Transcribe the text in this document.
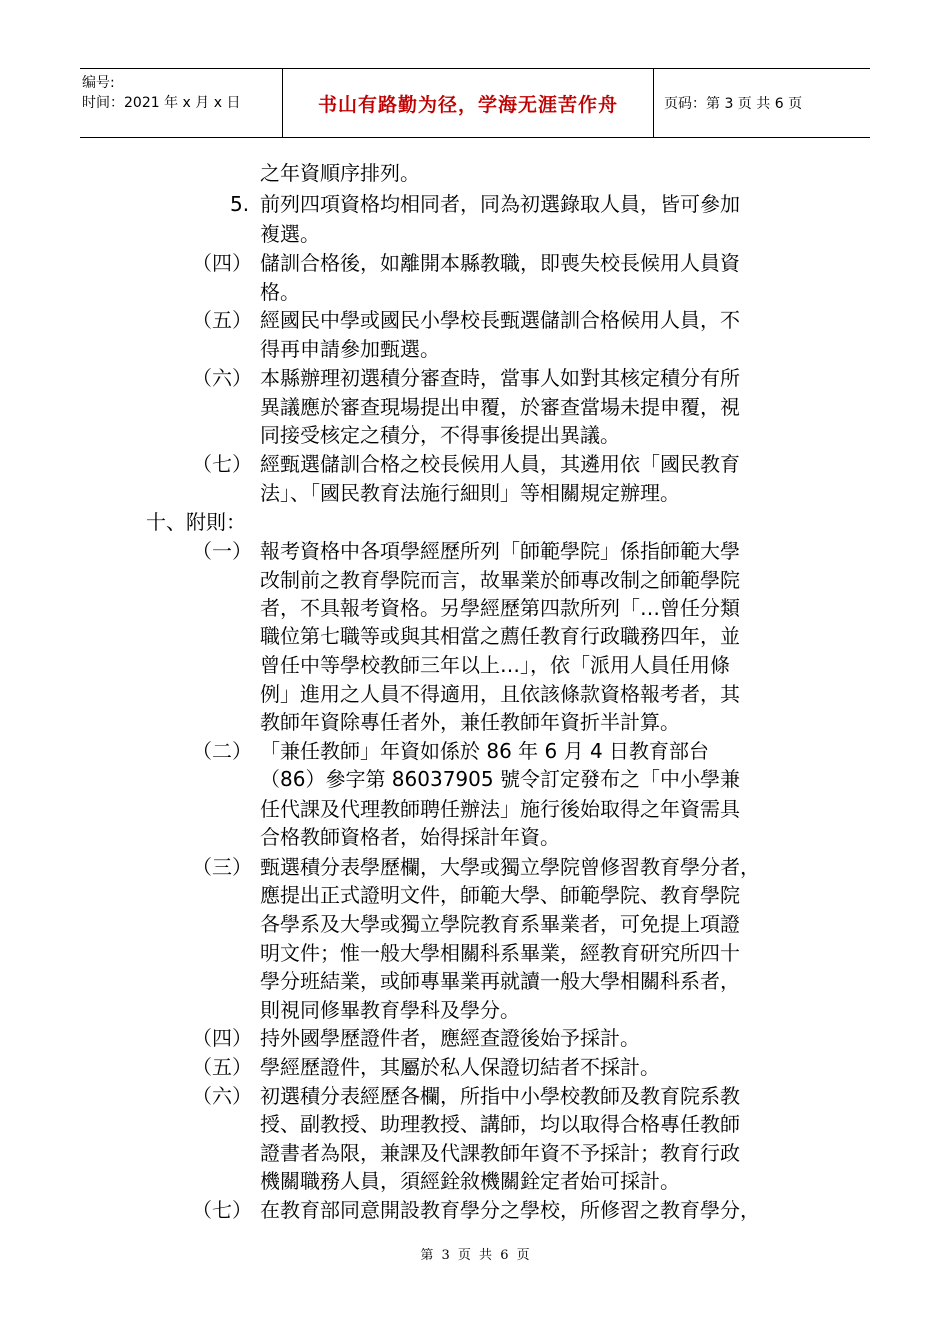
编号:
时间：2021 年 x 月 x 日	书山有路勤为径，学海无涯苦作舟	页码：第 3 页 共 6 页
之年資順序排列。
5. 前列四項資格均相同者，同為初選錄取人員，皆可參加
複選。
（四） 儲訓合格後，如離開本縣教職，即喪失校長候用人員資
格。
（五） 經國民中學或國民小學校長甄選儲訓合格候用人員，不
得再申請參加甄選。
（六） 本縣辦理初選積分審查時，當事人如對其核定積分有所
異議應於審查現場提出申覆，於審查當場未提申覆，視
同接受核定之積分，不得事後提出異議。
（七） 經甄選儲訓合格之校長候用人員，其遴用依「國民教育
法」、「國民教育法施行細則」等相關規定辦理。
十、附則：
（一） 報考資格中各項學經歷所列「師範學院」係指師範大學
改制前之教育學院而言，故畢業於師專改制之師範學院
者，不具報考資格。另學經歷第四款所列「…曾任分類
職位第七職等或與其相當之薦任教育行政職務四年，並
曾任中等學校教師三年以上…」，依「派用人員任用條
例」進用之人員不得適用，且依該條款資格報考者，其
教師年資除專任者外，兼任教師年資折半計算。
（二） 「兼任教師」年資如係於 86 年 6 月 4 日教育部台
（86）參字第 86037905 號令訂定發布之「中小學兼
任代課及代理教師聘任辦法」施行後始取得之年資需具
合格教師資格者，始得採計年資。
（三） 甄選積分表學歷欄，大學或獨立學院曾修習教育學分者，
應提出正式證明文件，師範大學、師範學院、教育學院
各學系及大學或獨立學院教育系畢業者，可免提上項證
明文件；惟一般大學相關科系畢業，經教育研究所四十
學分班結業，或師專畢業再就讀一般大學相關科系者，
則視同修畢教育學科及學分。
（四） 持外國學歷證件者，應經查證後始予採計。
（五） 學經歷證件，其屬於私人保證切結者不採計。
（六） 初選積分表經歷各欄，所指中小學校教師及教育院系教
授、副教授、助理教授、講師，均以取得合格專任教師
證書者為限，兼課及代課教師年資不予採計；教育行政
機關職務人員，須經銓敘機關銓定者始可採計。
（七） 在教育部同意開設教育學分之學校，所修習之教育學分，
第 3 页 共 6 页
